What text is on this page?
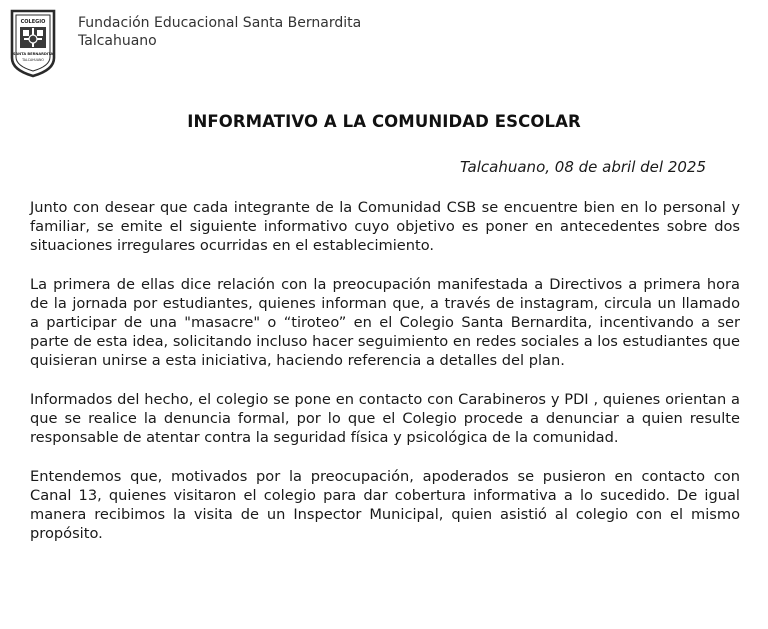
COLEGIO
SANTA BERNARDITA
TALCAHUANO
Fundación Educacional Santa Bernardita
Talcahuano
INFORMATIVO A LA COMUNIDAD ESCOLAR
Talcahuano, 08 de abril del 2025

Junto con desear que cada integrante de la Comunidad CSB se encuentre bien en lo personal y familiar, se emite el siguiente informativo cuyo objetivo es poner en antecedentes sobre dos situaciones irregulares ocurridas en el establecimiento.

La primera de ellas dice relación con la preocupación manifestada a Directivos a primera hora de la jornada por estudiantes, quienes informan que, a través de instagram, circula un llamado a participar de una "masacre" o “tiroteo” en el Colegio Santa Bernardita, incentivando a ser parte de esta idea, solicitando incluso hacer seguimiento en redes sociales a los estudiantes que quisieran unirse a esta iniciativa, haciendo referencia a detalles del plan.

Informados del hecho, el colegio se pone en contacto con Carabineros y PDI , quienes orientan a que se realice la denuncia formal, por lo que el Colegio procede a denunciar a quien resulte responsable de atentar contra la seguridad física y psicológica de la comunidad.

Entendemos que, motivados por la preocupación, apoderados se pusieron en contacto con Canal 13, quienes visitaron el colegio para dar cobertura informativa a lo sucedido. De igual manera recibimos la visita de un Inspector Municipal, quien asistió al colegio con el mismo propósito.
